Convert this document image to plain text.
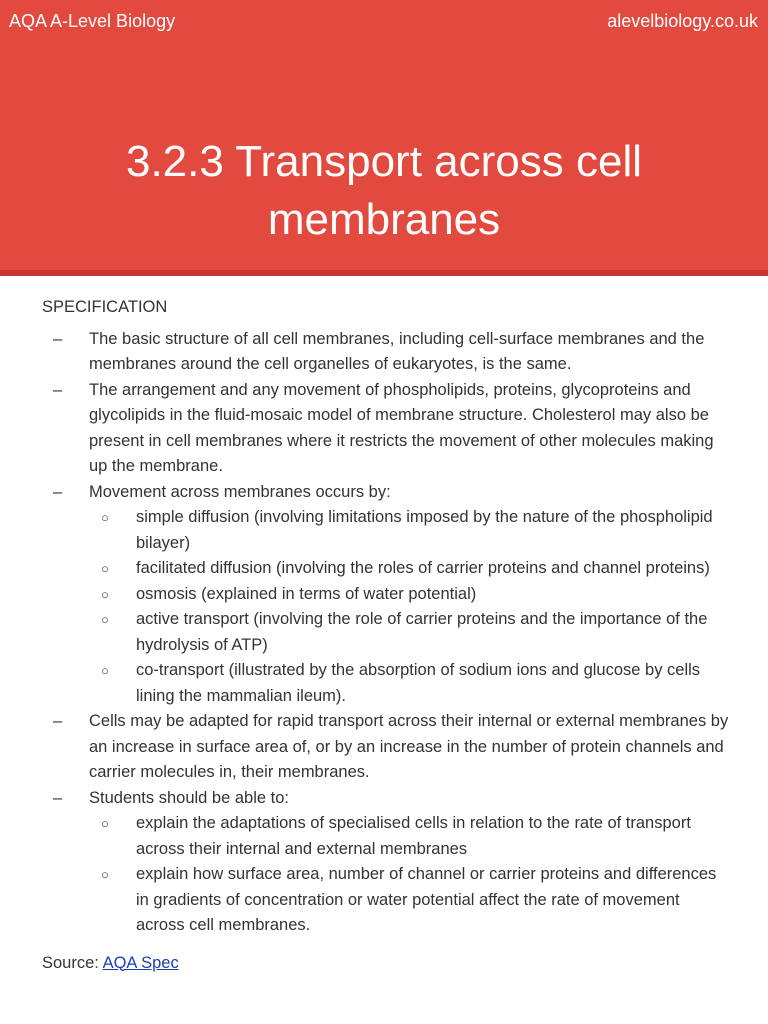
AQA A-Level Biology	alevelbiology.co.uk
3.2.3 Transport across cell membranes
SPECIFICATION
– The basic structure of all cell membranes, including cell-surface membranes and the membranes around the cell organelles of eukaryotes, is the same.
– The arrangement and any movement of phospholipids, proteins, glycoproteins and glycolipids in the fluid-mosaic model of membrane structure. Cholesterol may also be present in cell membranes where it restricts the movement of other molecules making up the membrane.
– Movement across membranes occurs by:
○ simple diffusion (involving limitations imposed by the nature of the phospholipid bilayer)
○ facilitated diffusion (involving the roles of carrier proteins and channel proteins)
○ osmosis (explained in terms of water potential)
○ active transport (involving the role of carrier proteins and the importance of the hydrolysis of ATP)
○ co-transport (illustrated by the absorption of sodium ions and glucose by cells lining the mammalian ileum).
– Cells may be adapted for rapid transport across their internal or external membranes by an increase in surface area of, or by an increase in the number of protein channels and carrier molecules in, their membranes.
– Students should be able to:
○ explain the adaptations of specialised cells in relation to the rate of transport across their internal and external membranes
○ explain how surface area, number of channel or carrier proteins and differences in gradients of concentration or water potential affect the rate of movement across cell membranes.
Source: AQA Spec
